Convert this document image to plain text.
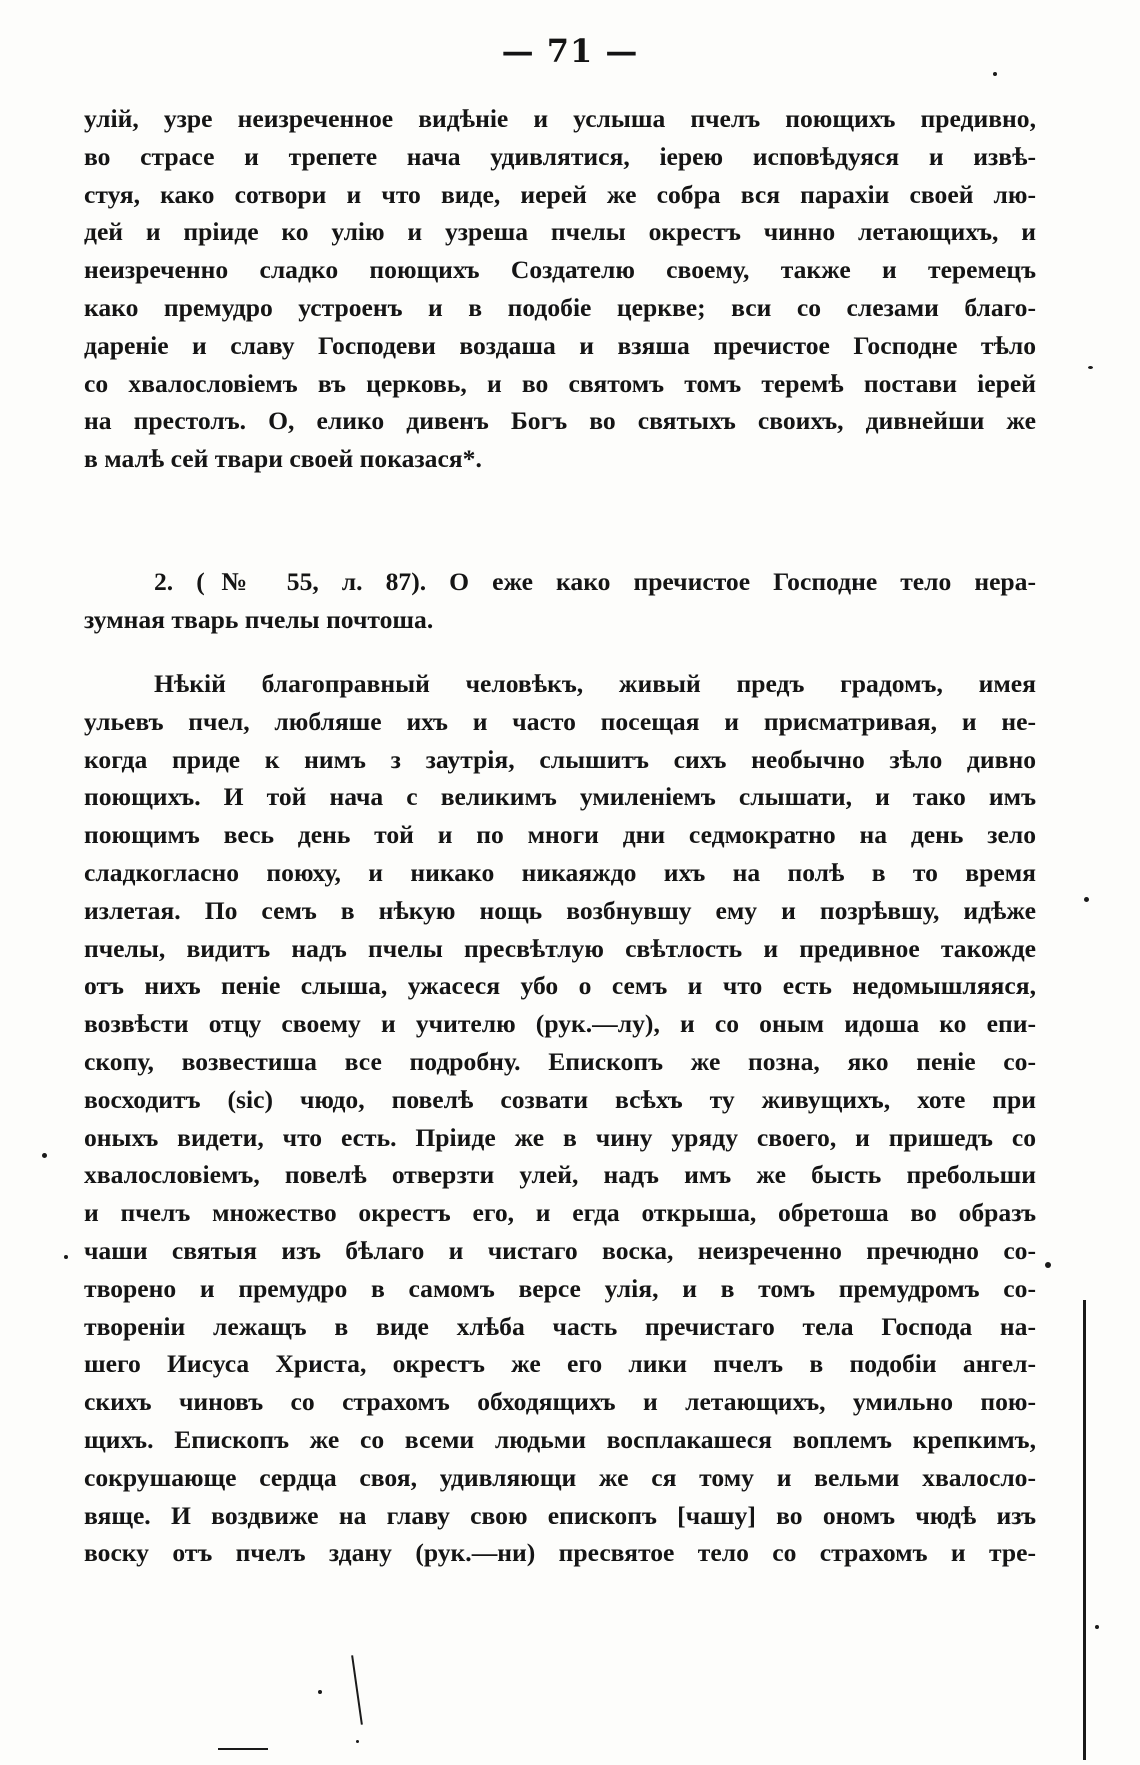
— 71 —
улій, узре неизреченное видѣніе и услыша пчелъ поющихъ предивно,
во страсе и трепете нача удивлятися, іерею исповѣдуяся и извѣ-
стуя, како сотвори и что виде, иерей же собра вся парахіи своей лю-
дей и пріиде ко улію и узреша пчелы окрестъ чинно летающихъ, и
неизреченно сладко поющихъ Создателю своему, также и теремецъ
како премудро устроенъ и в подобіе церкве; вси со слезами благо-
дареніе и славу Господеви воздаша и взяша пречистое Господне тѣло
со хвалословіемъ въ церковь, и во святомъ томъ теремѣ постави іерей
на престолъ. О, елико дивенъ Богъ во святыхъ своихъ, дивнейши же
в малѣ сей твари своей показася*.
2. (№ 55, л. 87). О еже како пречистое Господне тело нера-
зумная тварь пчелы почтоша.
Нѣкій благоправный человѣкъ, живый предъ градомъ, имея
ульевъ пчел, любляше ихъ и часто посещая и присматривая, и не-
когда приде к нимъ з заутрія, слышитъ сихъ необычно зѣло дивно
поющихъ. И той нача с великимъ умиленіемъ слышати, и тако имъ
поющимъ весь день той и по многи дни седмократно на день зело
сладкогласно поюху, и никако никаяждо ихъ на полѣ в то время
излетая. По семъ в нѣкую нощь возбнувшу ему и позрѣвшу, идѣже
пчелы, видитъ надъ пчелы пресвѣтлую свѣтлость и предивное такожде
отъ нихъ пеніе слыша, ужасеся убо о семъ и что есть недомышляяся,
возвѣсти отцу своему и учителю (рук.—лу), и со оным идоша ко епи-
скопу, возвестиша все подробну. Епископъ же позна, яко пеніе со-
восходитъ (sic) чюдо, повелѣ созвати всѣхъ ту живущихъ, хоте при
оныхъ видети, что есть. Пріиде же в чину уряду своего, и пришедъ со
хвалословіемъ, повелѣ отверзти улей, надъ имъ же бысть пребольши
и пчелъ множество окрестъ его, и егда открыша, обретоша во образъ
чаши святыя изъ бѣлаго и чистаго воска, неизреченно пречюдно со-
творено и премудро в самомъ версе улія, и в томъ премудромъ со-
твореніи лежащъ в виде хлѣба часть пречистаго тела Господа на-
шего Иисуса Христа, окрестъ же его лики пчелъ в подобіи ангел-
скихъ чиновъ со страхомъ обходящихъ и летающихъ, умильно пою-
щихъ. Епископъ же со всеми людьми восплакашеся воплемъ крепкимъ,
сокрушающе сердца своя, удивляющи же ся тому и вельми хвалосло-
вяще. И воздвиже на главу свою епископъ [чашу] во ономъ чюдѣ изъ
воску отъ пчелъ здану (рук.—ни) пресвятое тело со страхомъ и тре-
